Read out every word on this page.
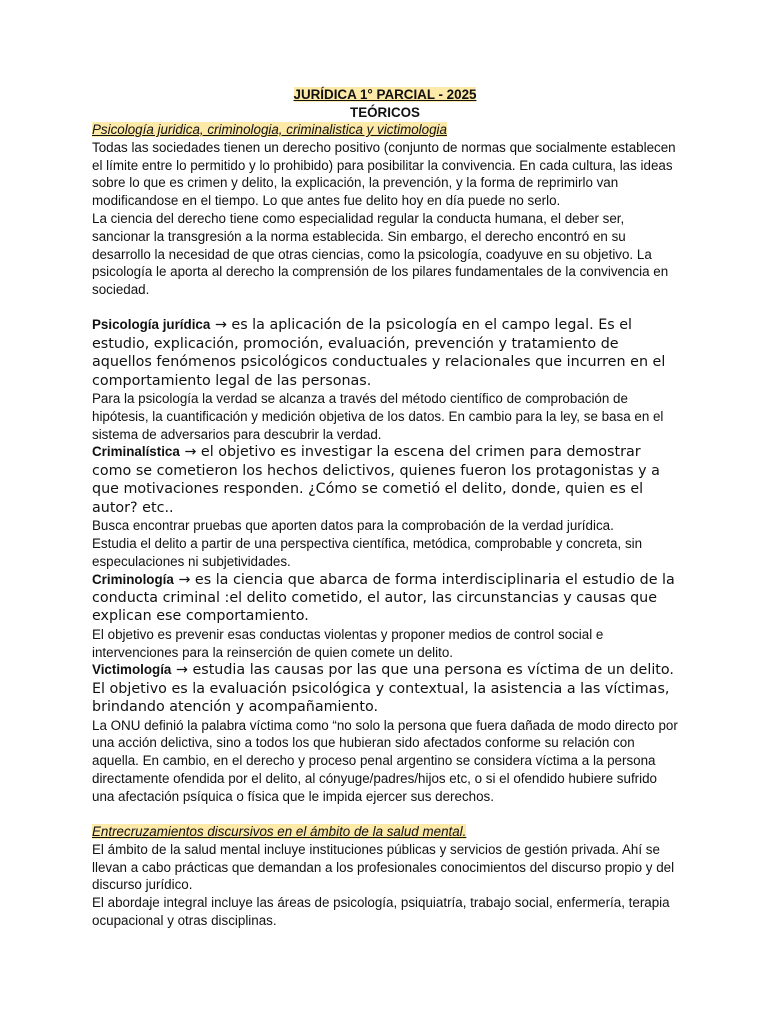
JURÍDICA 1° PARCIAL - 2025

TEÓRICOS

Psicología juridica, criminologia, criminalistica y victimologia

Todas las sociedades tienen un derecho positivo (conjunto de normas que socialmente establecen el límite entre lo permitido y lo prohibido) para posibilitar la convivencia. En cada cultura, las ideas sobre lo que es crimen y delito, la explicación, la prevención, y la forma de reprimirlo van modificandose en el tiempo. Lo que antes fue delito hoy en día puede no serlo.

La ciencia del derecho tiene como especialidad regular la conducta humana, el deber ser, sancionar la transgresión a la norma establecida. Sin embargo, el derecho encontró en su desarrollo la necesidad de que otras ciencias, como la psicología, coadyuve en su objetivo. La psicología le aporta al derecho la comprensión de los pilares fundamentales de la convivencia en sociedad.

Psicología jurídica → es la aplicación de la psicología en el campo legal. Es el estudio, explicación, promoción, evaluación, prevención y tratamiento de aquellos fenómenos psicológicos conductuales y relacionales que incurren en el comportamiento legal de las personas.

Para la psicología la verdad se alcanza a través del método científico de comprobación de hipótesis, la cuantificación y medición objetiva de los datos. En cambio para la ley, se basa en el sistema de adversarios para descubrir la verdad.

Criminalística → el objetivo es investigar la escena del crimen para demostrar como se cometieron los hechos delictivos, quienes fueron los protagonistas y a que motivaciones responden. ¿Cómo se cometió el delito, donde, quien es el autor? etc..

Busca encontrar pruebas que aporten datos para la comprobación de la verdad jurídica.

Estudia el delito a partir de una perspectiva científica, metódica, comprobable y concreta, sin especulaciones ni subjetividades.

Criminología → es la ciencia que abarca de forma interdisciplinaria el estudio de la conducta criminal :el delito cometido, el autor, las circunstancias y causas que explican ese comportamiento.

El objetivo es prevenir esas conductas violentas y proponer medios de control social e intervenciones para la reinserción de quien comete un delito.

Victimología → estudia las causas por las que una persona es víctima de un delito. El objetivo es la evaluación psicológica y contextual, la asistencia a las víctimas, brindando atención y acompañamiento.

La ONU definió la palabra víctima como “no solo la persona que fuera dañada de modo directo por una acción delictiva, sino a todos los que hubieran sido afectados conforme su relación con aquella. En cambio, en el derecho y proceso penal argentino se considera víctima a la persona directamente ofendida por el delito, al cónyuge/padres/hijos etc, o si el ofendido hubiere sufrido una afectación psíquica o física que le impida ejercer sus derechos.

Entrecruzamientos discursivos en el ámbito de la salud mental.

El ámbito de la salud mental incluye instituciones públicas y servicios de gestión privada. Ahí se llevan a cabo prácticas que demandan a los profesionales conocimientos del discurso propio y del discurso jurídico.

El abordaje integral incluye las áreas de psicología, psiquiatría, trabajo social, enfermería, terapia ocupacional y otras disciplinas.
